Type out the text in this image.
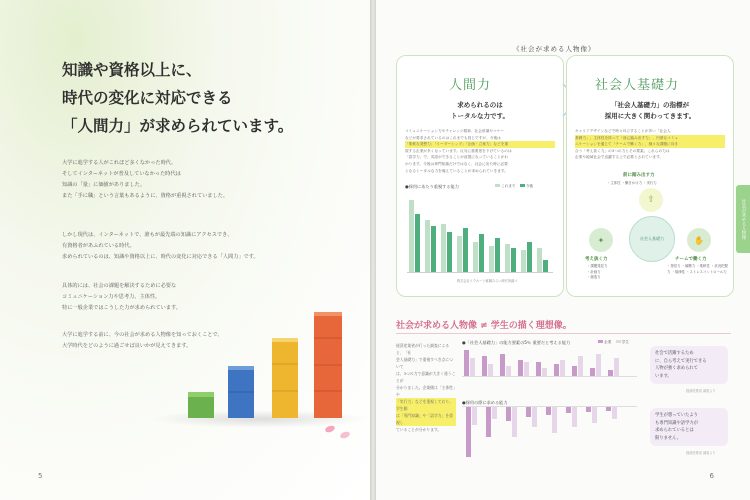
知識や資格以上に、
時代の変化に対応できる
「人間力」が求められています。
大学に進学する人がこれほど多くなかった時代。
そしてインターネットが普及していなかった時代は
知識の「量」に価値がありました。
また「手に職」という言葉もあるように、資格が重視されていました。
しかし現代は、インターネットで、誰もが最先端の知識にアクセスでき、
有資格者があふれている時代。
求められているのは、知識や資格以上に、時代の変化に対応できる「人間力」です。
具体的には、社会の課題を解決するために必要な
コミュニケーション力や思考力、主体性。
特に一般企業ではこうした力が求められています。
大学に進学する前に、今の社会が求める人物像を知っておくことで、
大学時代をどのように過ごせば良いかが見えてきます。
5
《社会が求める人物像》
人間力
求められるのは
トータルな力です。
コミュニケーション力やチャレンジ精神、社会常識やマナー
などが要求されているのはこれまでも同じですが、今後は
「柔軟な発想力」「リーダーシップ」「企画・立案力」などを重
視する企業が多くなっています。反対に重要度を下げているのは
「語学力」で、英語ができることが前提になっていることがわ
かります。今後は専門知識だけではなく、社会に出た時に必要
となるトータルな力を備えていることが求められていきます。
●採用にあたり重視する能力	これまで	今後
株式会社リクルート就職みらい研究所調べ
社会人基礎力
「社会人基礎力」の指標が
採用に大きく関わってきます。
キャリアデザインなどで時々耳にすることが多い「社会人
基礎力」。主体性を持って「前に踏み出す力」、円滑なコミュ
ニケーションを通じて「チームで働く力」、様々な課題に向き
合う「考え抜く力」の3つの力とその要素。これらの力は
企業や地域社会で活躍する上で必要とされています。
⇧
前に踏み出す力
・主体性 ・働きかけ力 ・実行力
社会人基礎力
✦	✋
考え抜く力
・課題発見力
・計画力
・創造力
チームで働く力
・発信力 ・傾聴力 ・柔軟性 ・状況把握力 ・規律性 ・ストレスコントロール力
社会が求める人物像
社会が求める人物像 ≠ 学生の描く理想像。
経済産業省が行った調査によると、「社
会人基礎力」で重視すべき点について
は、3つの力で意識が大きく違うことが
分かりました。企業側は「主体性」や
「実行力」などを重視しており、学生側
は「専門知識」や「語学力」を重視し
ていることが分かります。
●「社会人基礎力」の能力要素の5％ 重要だと考える能力	企業	学生
●採用の際に求める能力
社会で活躍するため
に、自ら考えて実行できる
人物が強く求められて
います。
経済産業省 調査より
学生が想っていたより
も専門知識や語学力が
求められているとは
限りません。
経済産業省 調査より
6
